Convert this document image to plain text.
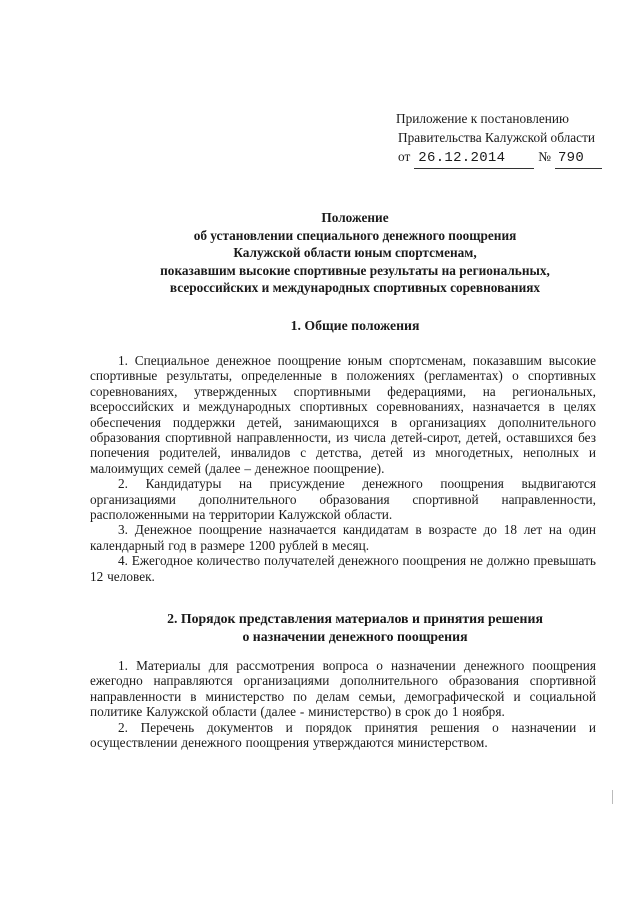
Приложение к постановлению
Правительства Калужской области
от 26.12.2014	№ 790
Положение
об установлении специального денежного поощрения
Калужской области юным спортсменам,
показавшим высокие спортивные результаты на региональных,
всероссийских и международных спортивных соревнованиях
1. Общие положения

1. Специальное денежное поощрение юным спортсменам, показавшим высокие спортивные результаты, определенные в положениях (регламентах) о спортивных соревнованиях, утвержденных спортивными федерациями, на региональных, всероссийских и международных спортивных соревнованиях, назначается в целях обеспечения поддержки детей, занимающихся в организациях дополнительного образования спортивной направленности, из числа детей-сирот, детей, оставшихся без попечения родителей, инвалидов с детства, детей из многодетных, неполных и малоимущих семей (далее – денежное поощрение).

2. Кандидатуры на присуждение денежного поощрения выдвигаются организациями дополнительного образования спортивной направленности, расположенными на территории Калужской области.

3. Денежное поощрение назначается кандидатам в возрасте до 18 лет на один календарный год в размере 1200 рублей в месяц.

4. Ежегодное количество получателей денежного поощрения не должно превышать 12 человек.

2. Порядок представления материалов и принятия решения
о назначении денежного поощрения

1. Материалы для рассмотрения вопроса о назначении денежного поощрения ежегодно направляются организациями дополнительного образования спортивной направленности в министерство по делам семьи, демографической и социальной политике Калужской области (далее - министерство) в срок до 1 ноября.

2. Перечень документов и порядок принятия решения о назначении и осуществлении денежного поощрения утверждаются министерством.
